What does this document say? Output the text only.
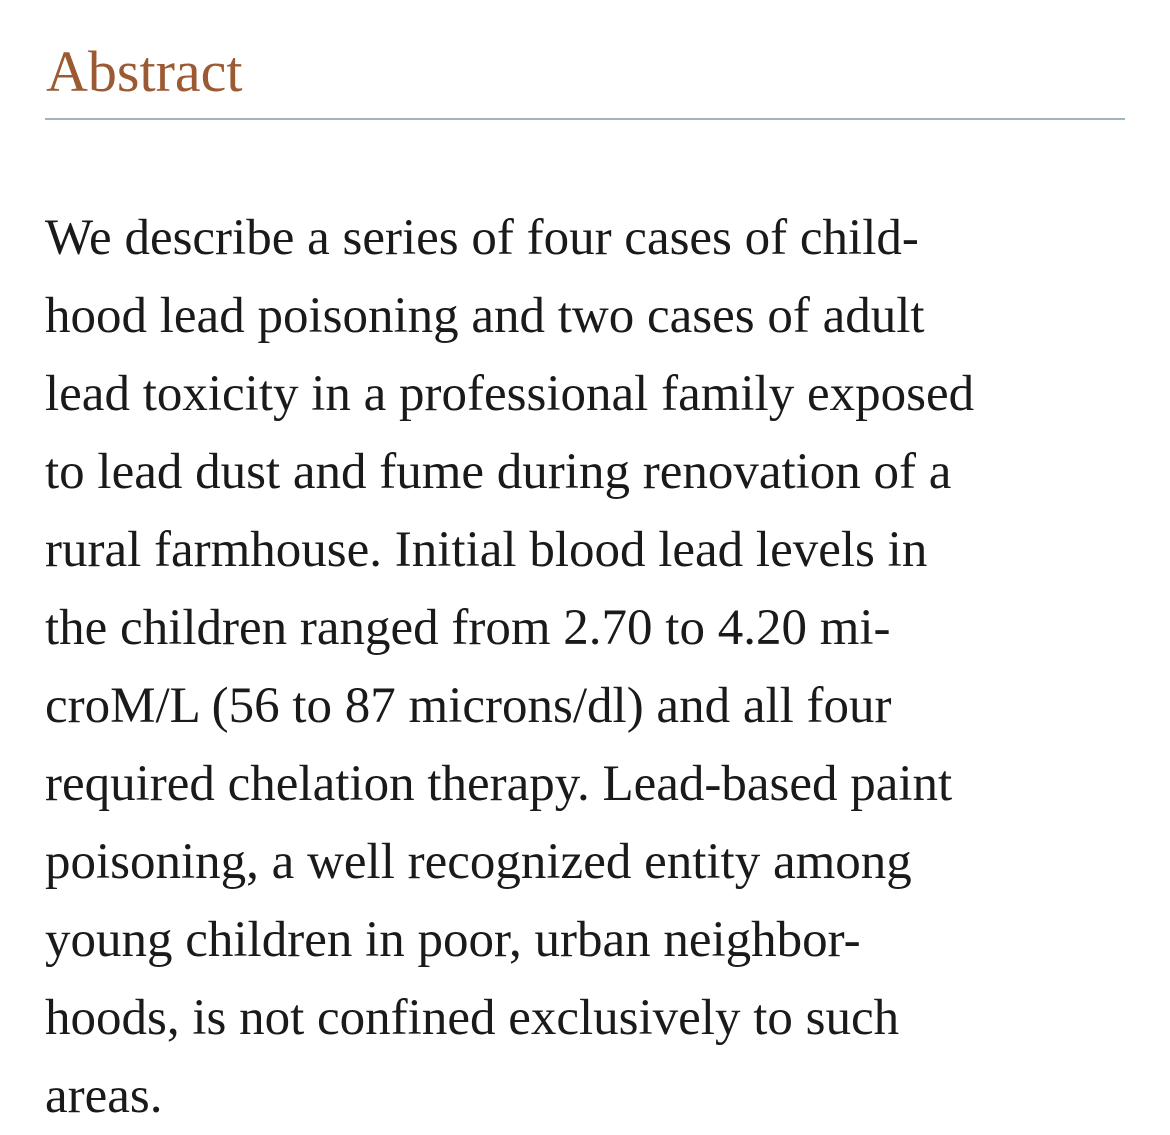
Abstract

We describe a series of four cases of child-
hood lead poisoning and two cases of adult
lead toxicity in a professional family exposed
to lead dust and fume during renovation of a
rural farmhouse. Initial blood lead levels in
the children ranged from 2.70 to 4.20 mi-
croM/L (56 to 87 microns/dl) and all four
required chelation therapy. Lead-based paint
poisoning, a well recognized entity among
young children in poor, urban neighbor-
hoods, is not confined exclusively to such
areas.
